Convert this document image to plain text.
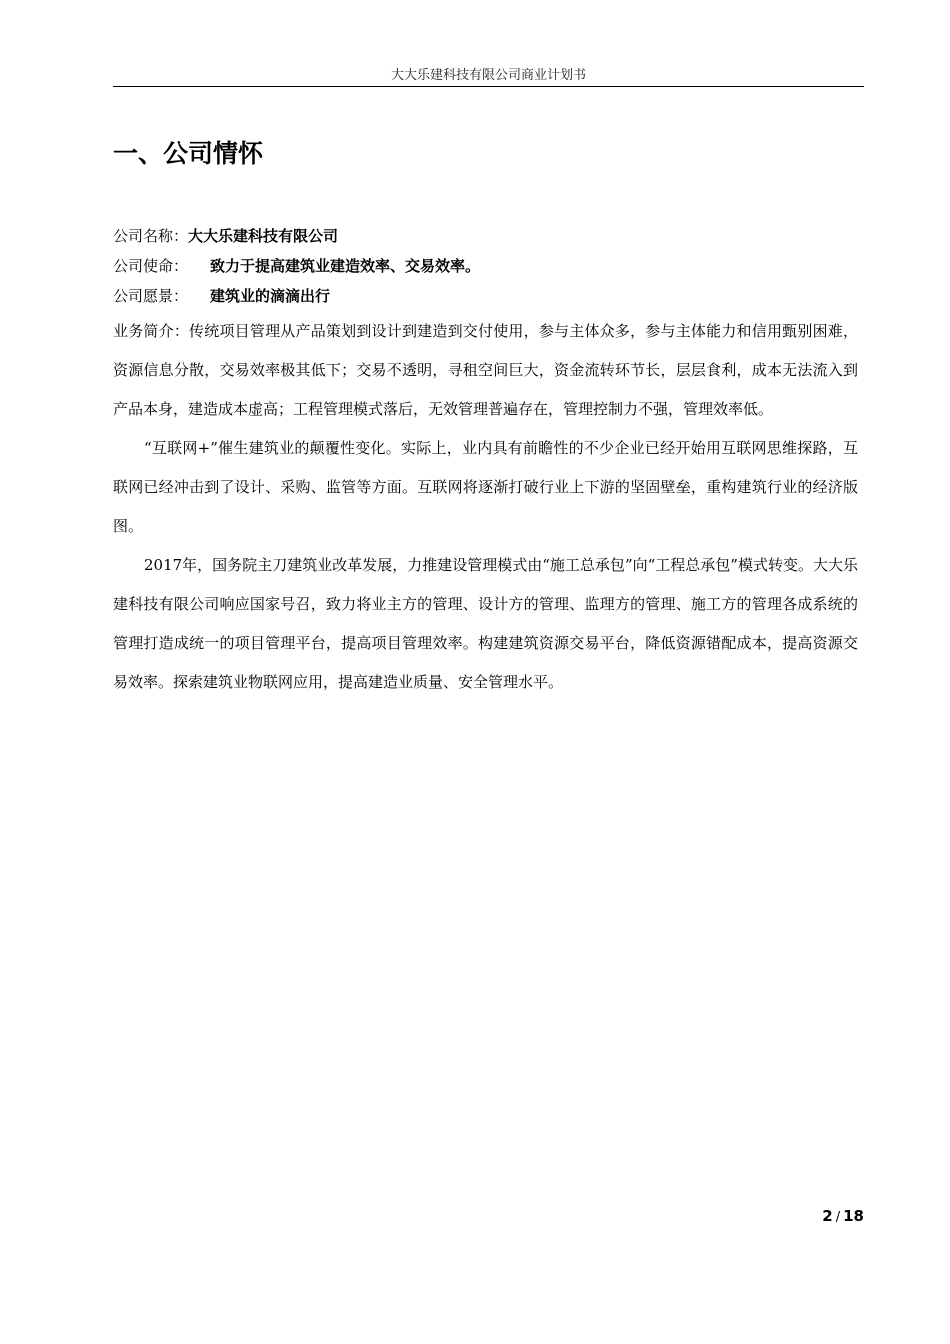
大大乐建科技有限公司商业计划书
一、公司情怀
公司名称：大大乐建科技有限公司
公司使命： 致力于提高建筑业建造效率、交易效率。
公司愿景： 建筑业的滴滴出行

业务简介：传统项目管理从产品策划到设计到建造到交付使用，参与主体众多，参与主体能力和信用甄别困难，资源信息分散，交易效率极其低下；交易不透明，寻租空间巨大，资金流转环节长，层层食利，成本无法流入到产品本身，建造成本虚高；工程管理模式落后，无效管理普遍存在，管理控制力不强，管理效率低。

“互联网+”催生建筑业的颠覆性变化。实际上，业内具有前瞻性的不少企业已经开始用互联网思维探路，互联网已经冲击到了设计、采购、监管等方面。互联网将逐渐打破行业上下游的坚固壁垒，重构建筑行业的经济版图。

2017年，国务院主刀建筑业改革发展，力推建设管理模式由“施工总承包”向“工程总承包”模式转变。大大乐建科技有限公司响应国家号召，致力将业主方的管理、设计方的管理、监理方的管理、施工方的管理各成系统的管理打造成统一的项目管理平台，提高项目管理效率。构建建筑资源交易平台，降低资源错配成本，提高资源交易效率。探索建筑业物联网应用，提高建造业质量、安全管理水平。

2 / 18
